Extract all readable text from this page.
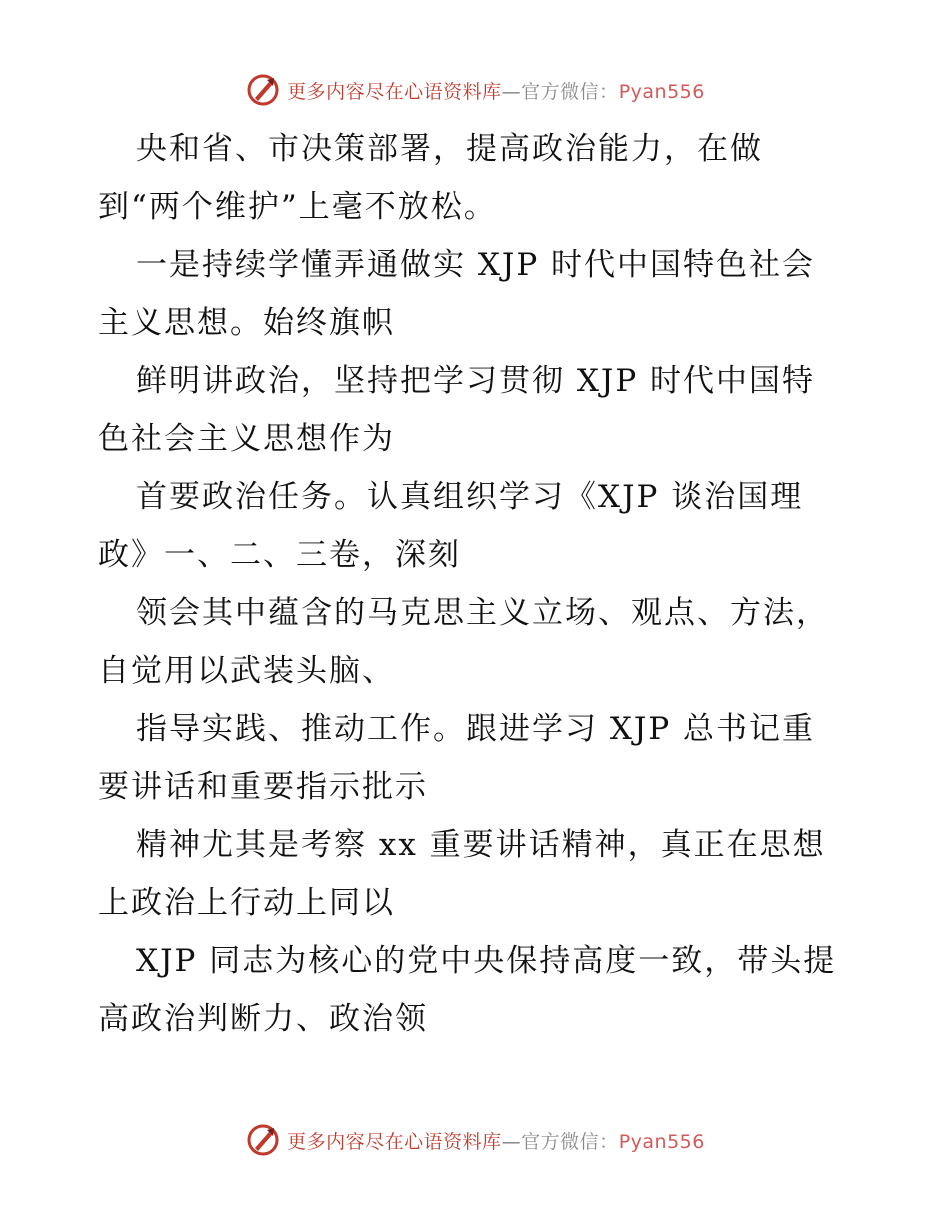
更多内容尽在心语资料库—官方微信：Pyan556
央和省、市决策部署，提高政治能力，在做
到“两个维护”上毫不放松。
一是持续学懂弄通做实 XJP 时代中国特色社会
主义思想。始终旗帜
鲜明讲政治，坚持把学习贯彻 XJP 时代中国特
色社会主义思想作为
首要政治任务。认真组织学习《XJP 谈治国理
政》一、二、三卷，深刻
领会其中蕴含的马克思主义立场、观点、方法，
自觉用以武装头脑、
指导实践、推动工作。跟进学习 XJP 总书记重
要讲话和重要指示批示
精神尤其是考察 xx 重要讲话精神，真正在思想
上政治上行动上同以
XJP 同志为核心的党中央保持高度一致，带头提
高政治判断力、政治领
更多内容尽在心语资料库—官方微信：Pyan556
